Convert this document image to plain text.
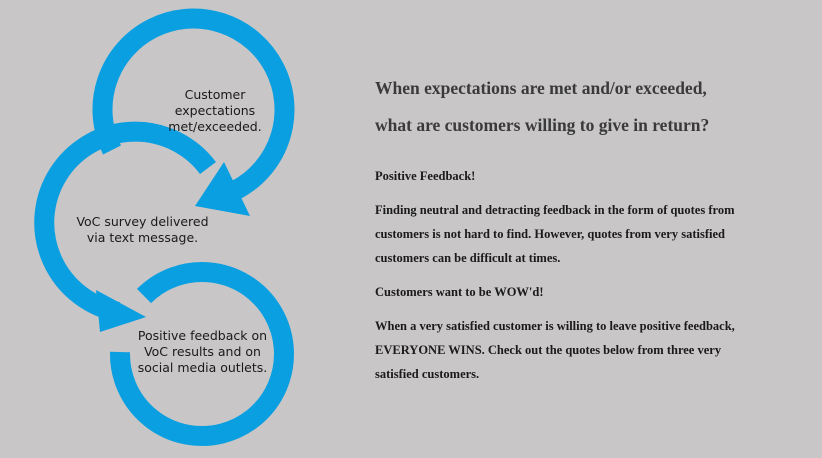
Customer
expectations
met/exceeded.
VoC survey delivered
via text message.
Positive feedback on
VoC results and on
social media outlets.

When expectations are met and/or exceeded,

what are customers willing to give in return?

Positive Feedback!

Finding neutral and detracting feedback in the form of quotes from
customers is not hard to find. However, quotes from very satisfied
customers can be difficult at times.

Customers want to be WOW'd!

When a very satisfied customer is willing to leave positive feedback,
EVERYONE WINS. Check out the quotes below from three very
satisfied customers.
